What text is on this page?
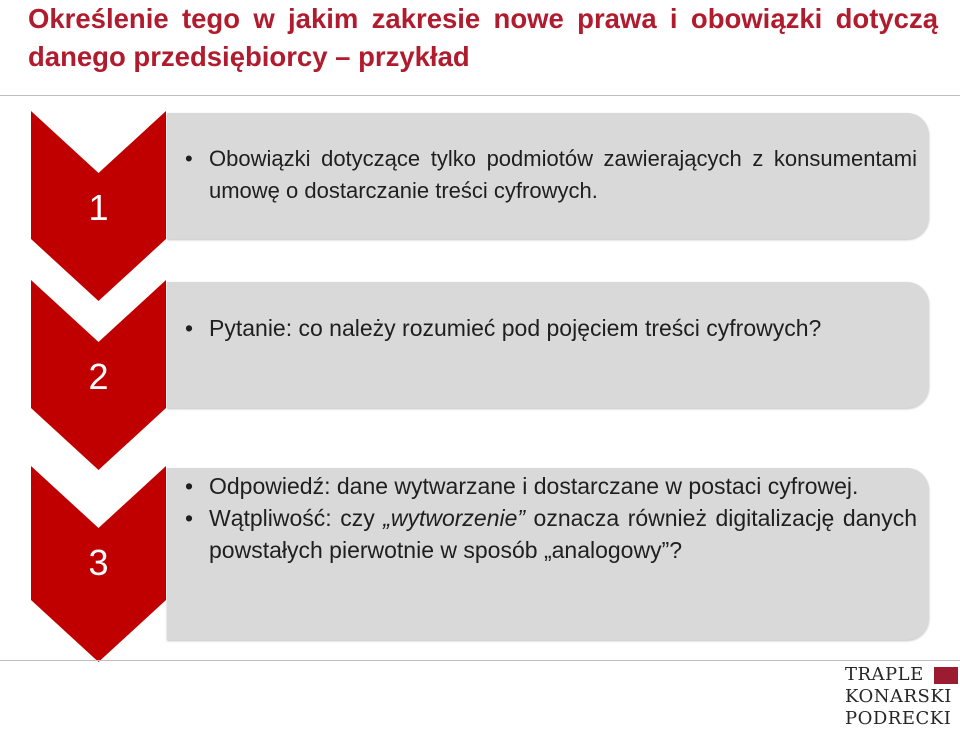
Określenie tego w jakim zakresie nowe prawa i obowiązki dotyczą danego przedsiębiorcy – przykład
1
• Obowiązki dotyczące tylko podmiotów zawierających z konsumentami umowę o dostarczanie treści cyfrowych.
2
• Pytanie: co należy rozumieć pod pojęciem treści cyfrowych?
3
• Odpowiedź: dane wytwarzane i dostarczane w postaci cyfrowej.
• Wątpliwość: czy „wytworzenie” oznacza również digitalizację danych powstałych pierwotnie w sposób „analogowy”?
TRAPLE
KONARSKI
PODRECKI
